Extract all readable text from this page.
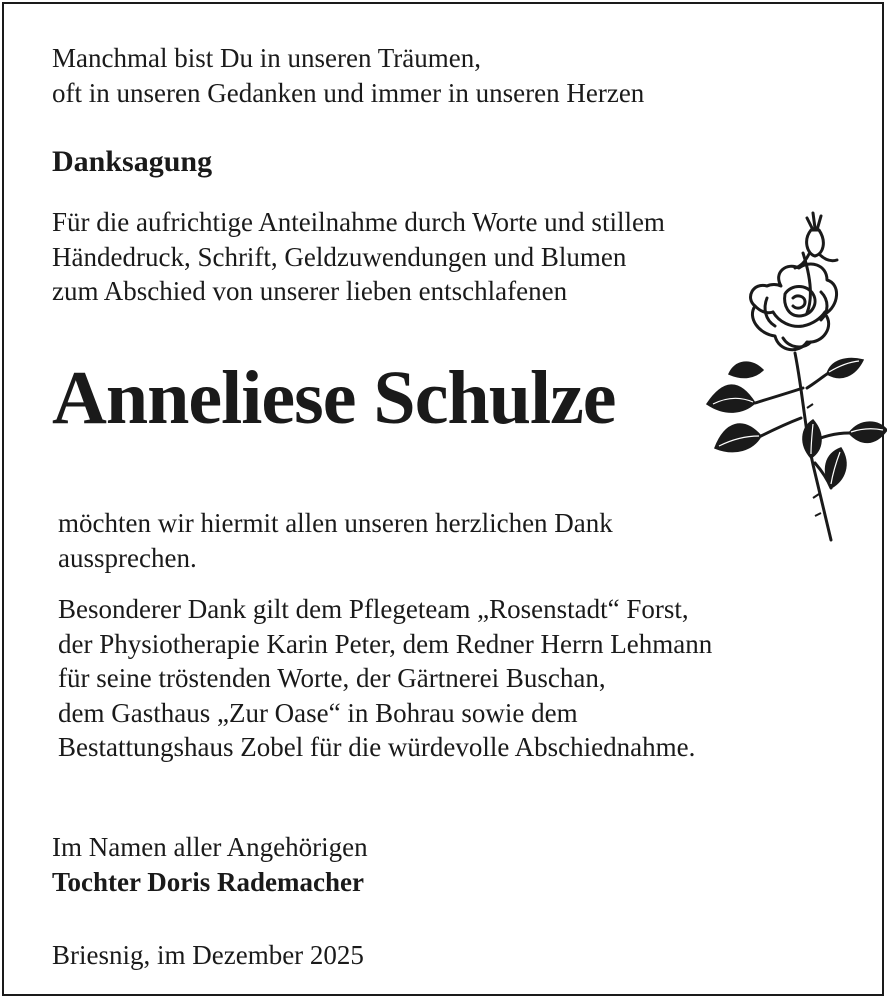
Manchmal bist Du in unseren Träumen,
oft in unseren Gedanken und immer in unseren Herzen
Danksagung
Für die aufrichtige Anteilnahme durch Worte und stillem
Händedruck, Schrift, Geldzuwendungen und Blumen
zum Abschied von unserer lieben entschlafenen
Anneliese Schulze
möchten wir hiermit allen unseren herzlichen Dank
aussprechen.
Besonderer Dank gilt dem Pflegeteam „Rosenstadt“ Forst,
der Physiotherapie Karin Peter, dem Redner Herrn Lehmann
für seine tröstenden Worte, der Gärtnerei Buschan,
dem Gasthaus „Zur Oase“ in Bohrau sowie dem
Bestattungshaus Zobel für die würdevolle Abschiednahme.
Im Namen aller Angehörigen
Tochter Doris Rademacher
Briesnig, im Dezember 2025
